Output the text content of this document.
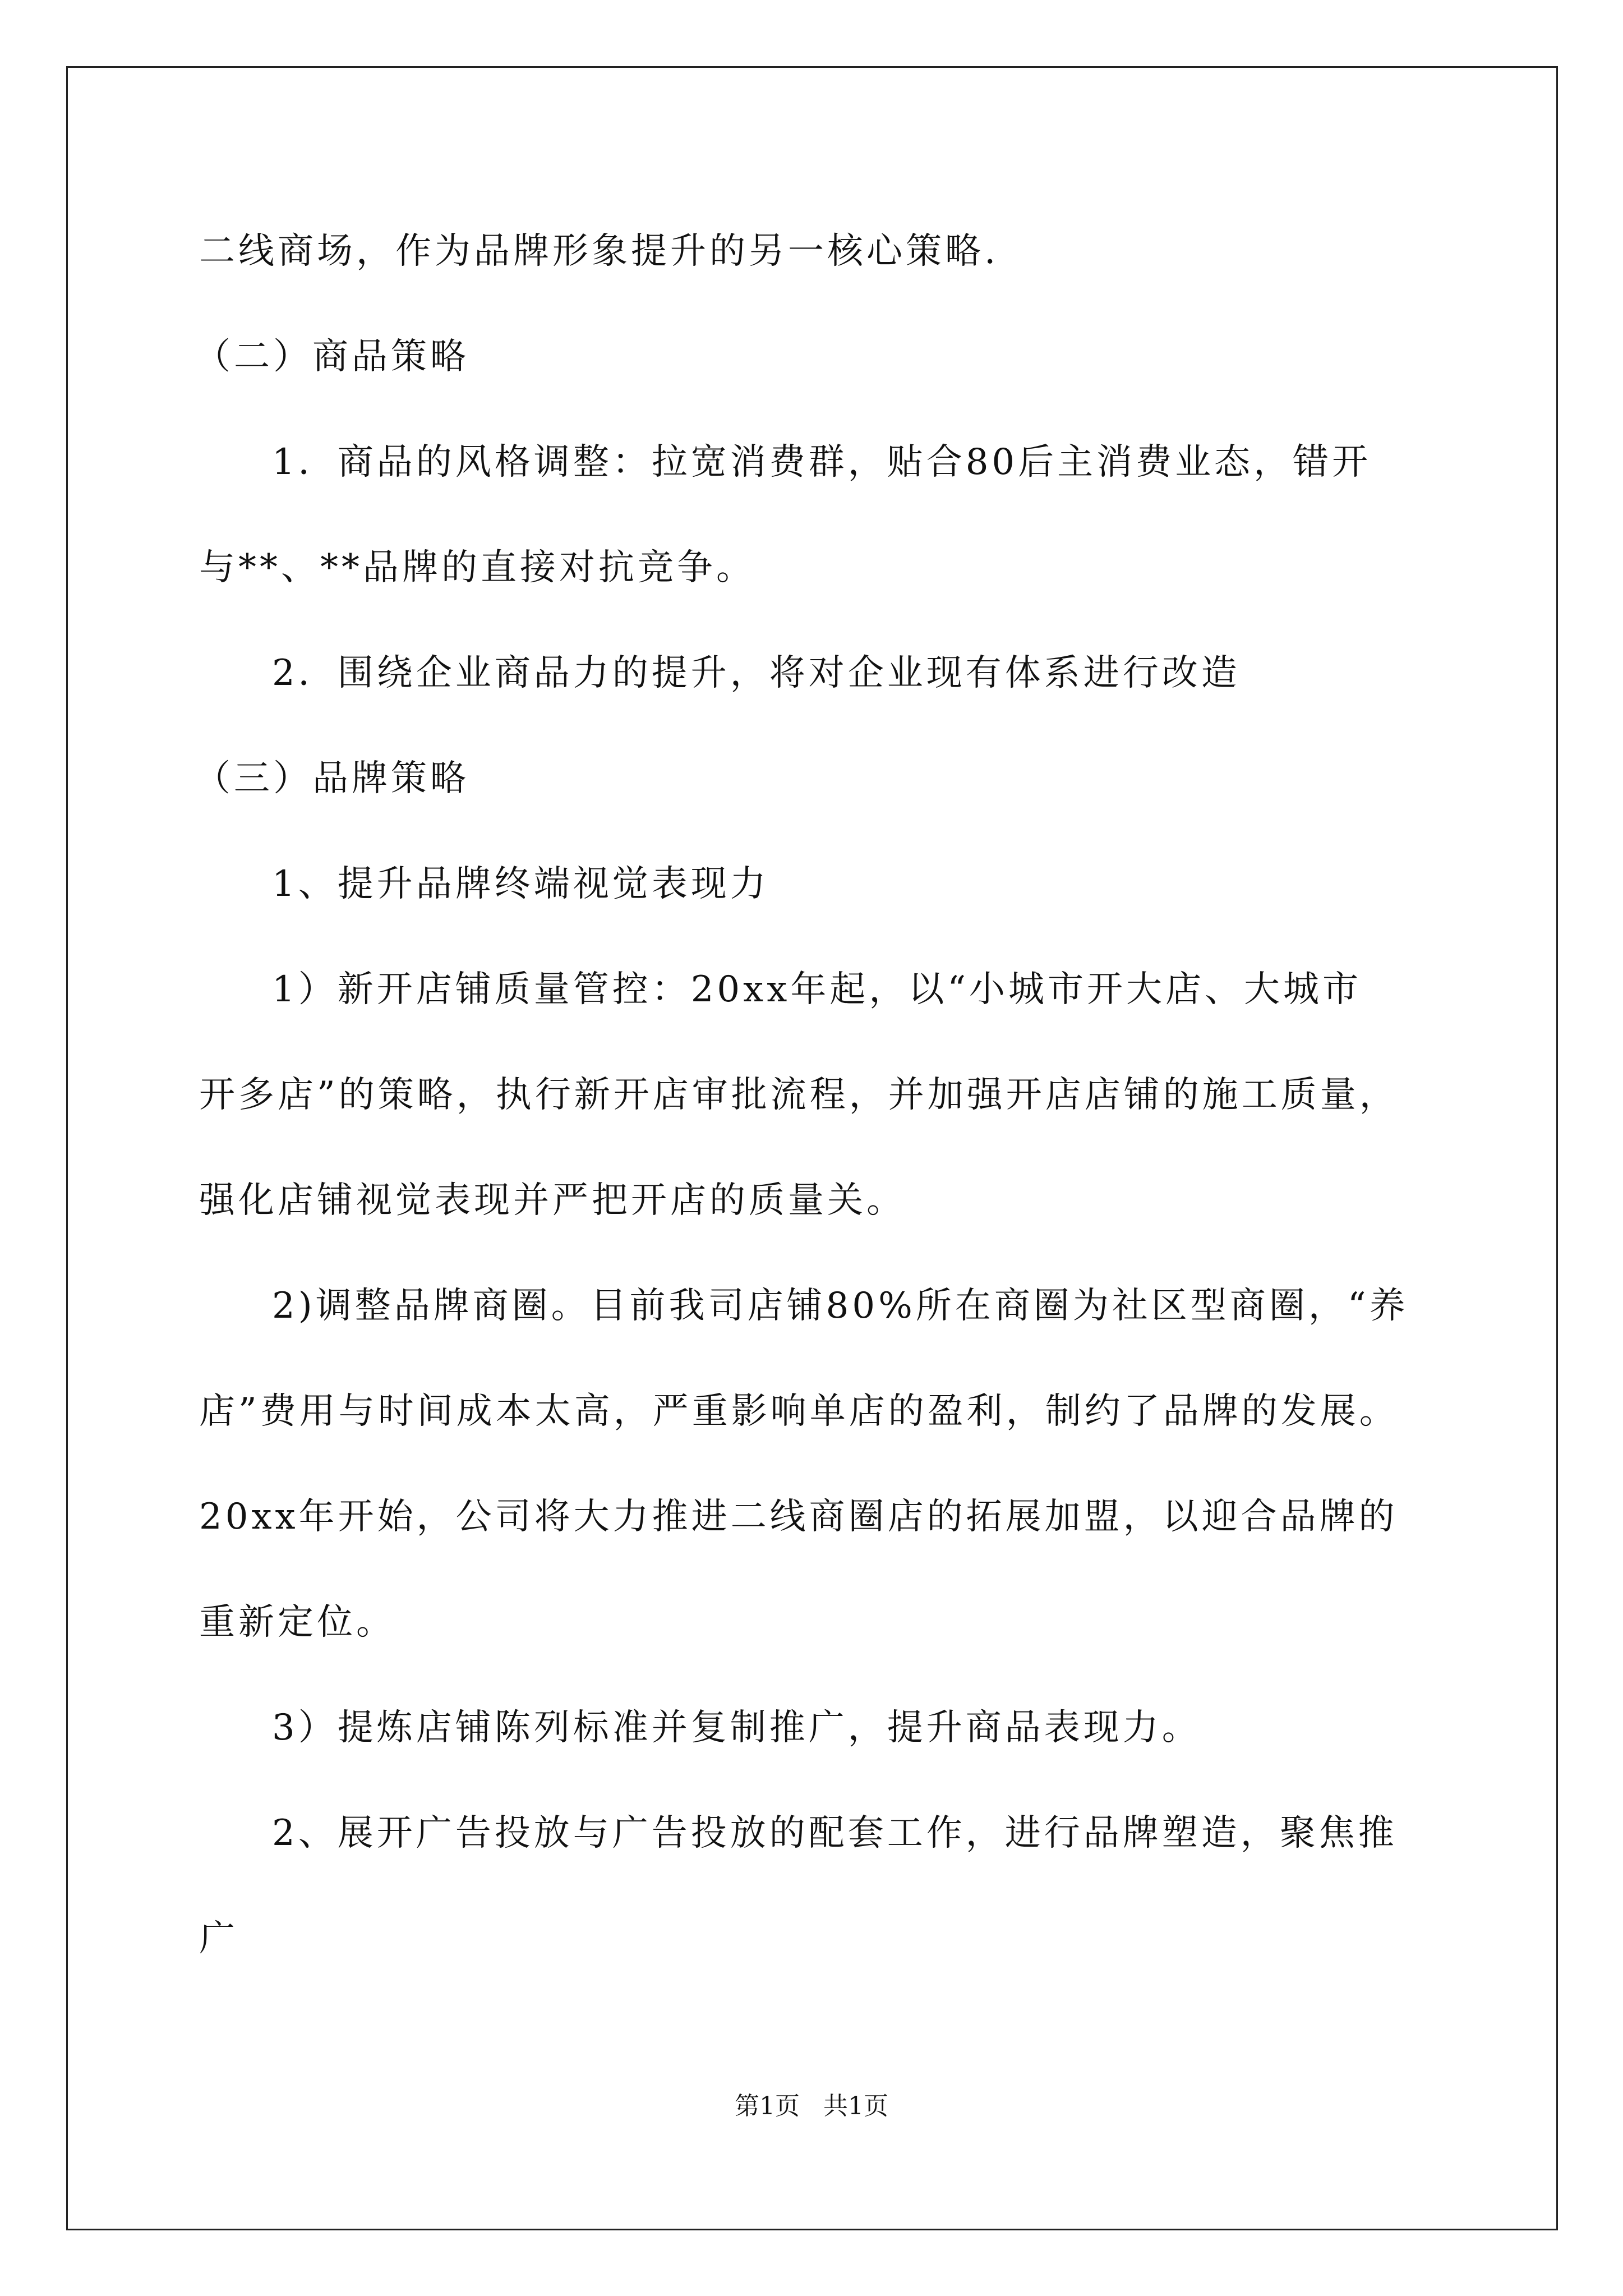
二线商场，作为品牌形象提升的另一核心策略.
（二）商品策略
1．商品的风格调整：拉宽消费群，贴合80后主消费业态，错开
与**、**品牌的直接对抗竞争。
2．围绕企业商品力的提升，将对企业现有体系进行改造
（三）品牌策略
1、提升品牌终端视觉表现力
1）新开店铺质量管控：20xx年起，以“小城市开大店、大城市
开多店”的策略，执行新开店审批流程，并加强开店店铺的施工质量，
强化店铺视觉表现并严把开店的质量关。
2)调整品牌商圈。目前我司店铺80%所在商圈为社区型商圈，“养
店”费用与时间成本太高，严重影响单店的盈利，制约了品牌的发展。
20xx年开始，公司将大力推进二线商圈店的拓展加盟，以迎合品牌的
重新定位。
3）提炼店铺陈列标准并复制推广，提升商品表现力。
2、展开广告投放与广告投放的配套工作，进行品牌塑造，聚焦推
广
第1页   共1页
